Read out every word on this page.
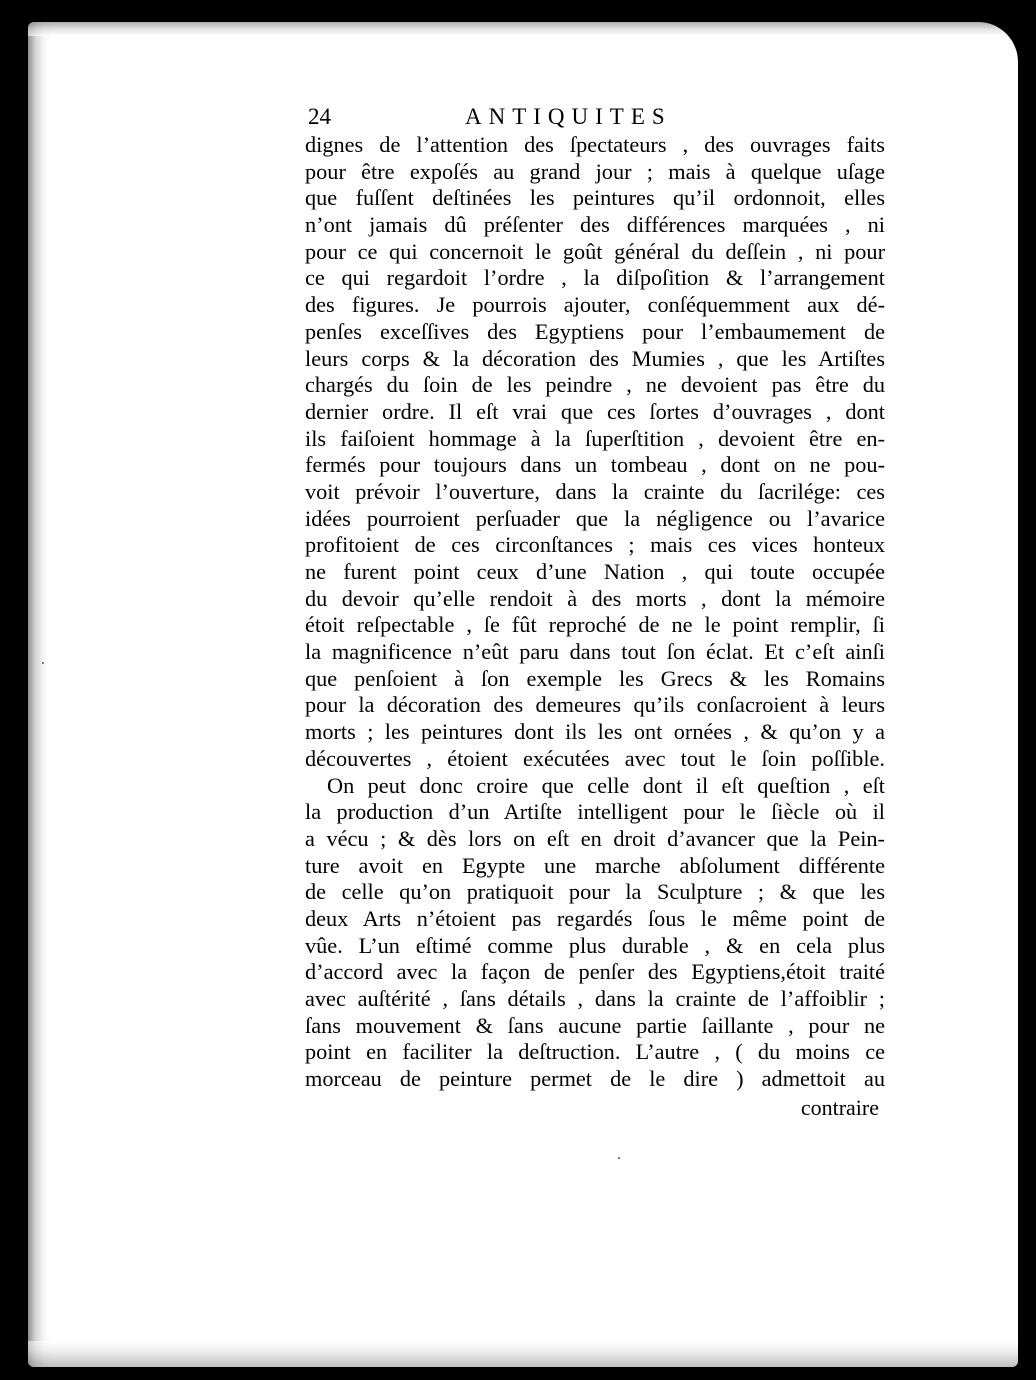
24	ANTIQUITES
dignes de l’attention des ſpectateurs , des ouvrages faits
pour être expoſés au grand jour ; mais à quelque uſage
que fuſſent deſtinées les peintures qu’il ordonnoit, elles
n’ont jamais dû préſenter des différences marquées , ni
pour ce qui concernoit le goût général du deſſein , ni pour
ce qui regardoit l’ordre , la diſpoſition & l’arrangement
des figures. Je pourrois ajouter, conſéquemment aux dé-
penſes exceſſives des Egyptiens pour l’embaumement de
leurs corps & la décoration des Mumies , que les Artiſtes
chargés du ſoin de les peindre , ne devoient pas être du
dernier ordre. Il eſt vrai que ces ſortes d’ouvrages , dont
ils faiſoient hommage à la ſuperſtition , devoient être en-
fermés pour toujours dans un tombeau , dont on ne pou-
voit prévoir l’ouverture, dans la crainte du ſacrilége: ces
idées pourroient perſuader que la négligence ou l’avarice
profitoient de ces circonſtances ; mais ces vices honteux
ne furent point ceux d’une Nation , qui toute occupée
du devoir qu’elle rendoit à des morts , dont la mémoire
étoit reſpectable , ſe fût reproché de ne le point remplir, ſi
la magnificence n’eût paru dans tout ſon éclat. Et c’eſt ainſi
que penſoient à ſon exemple les Grecs & les Romains
pour la décoration des demeures qu’ils conſacroient à leurs
morts ; les peintures dont ils les ont ornées , & qu’on y a
découvertes , étoient exécutées avec tout le ſoin poſſible.
On peut donc croire que celle dont il eſt queſtion , eſt
la production d’un Artiſte intelligent pour le ſiècle où il
a vécu ; & dès lors on eſt en droit d’avancer que la Pein-
ture avoit en Egypte une marche abſolument différente
de celle qu’on pratiquoit pour la Sculpture ; & que les
deux Arts n’étoient pas regardés ſous le même point de
vûe. L’un eſtimé comme plus durable , & en cela plus
d’accord avec la façon de penſer des Egyptiens,étoit traité
avec auſtérité , ſans détails , dans la crainte de l’affoiblir ;
ſans mouvement & ſans aucune partie ſaillante , pour ne
point en faciliter la deſtruction. L’autre , ( du moins ce
morceau de peinture permet de le dire ) admettoit au
contraire
